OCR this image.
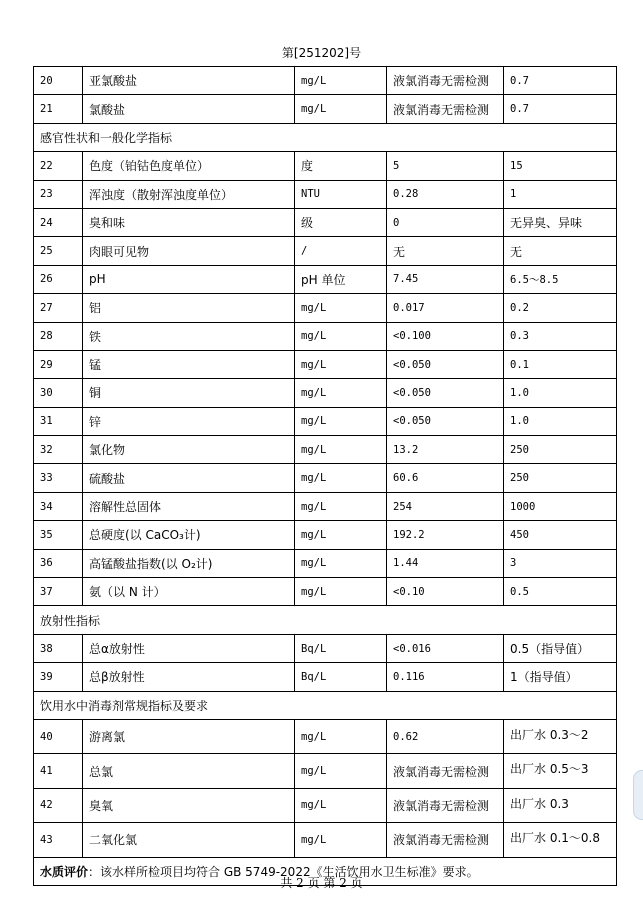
第[251202]号
20	亚氯酸盐	mg/L	液氯消毒无需检测	0.7
21	氯酸盐	mg/L	液氯消毒无需检测	0.7
感官性状和一般化学指标				
22	色度（铂钴色度单位）	度	5	15
23	浑浊度（散射浑浊度单位）	NTU	0.28	1
24	臭和味	级	0	无异臭、异味
25	肉眼可见物	/	无	无
26	pH	pH 单位	7.45	6.5～8.5
27	铝	mg/L	0.017	0.2
28	铁	mg/L	<0.100	0.3
29	锰	mg/L	<0.050	0.1
30	铜	mg/L	<0.050	1.0
31	锌	mg/L	<0.050	1.0
32	氯化物	mg/L	13.2	250
33	硫酸盐	mg/L	60.6	250
34	溶解性总固体	mg/L	254	1000
35	总硬度(以 CaCO₃计)	mg/L	192.2	450
36	高锰酸盐指数(以 O₂计)	mg/L	1.44	3
37	氨（以 N 计）	mg/L	<0.10	0.5
放射性指标				
38	总α放射性	Bq/L	<0.016	0.5（指导值）
39	总β放射性	Bq/L	0.116	1（指导值）
饮用水中消毒剂常规指标及要求				
40	游离氯	mg/L	0.62	出厂水 0.3～2
41	总氯	mg/L	液氯消毒无需检测	出厂水 0.5～3
42	臭氧	mg/L	液氯消毒无需检测	出厂水 0.3
43	二氧化氯	mg/L	液氯消毒无需检测	出厂水 0.1～0.8
水质评价：该水样所检项目均符合 GB 5749-2022《生活饮用水卫生标准》要求。				
共 2 页 第 2 页
